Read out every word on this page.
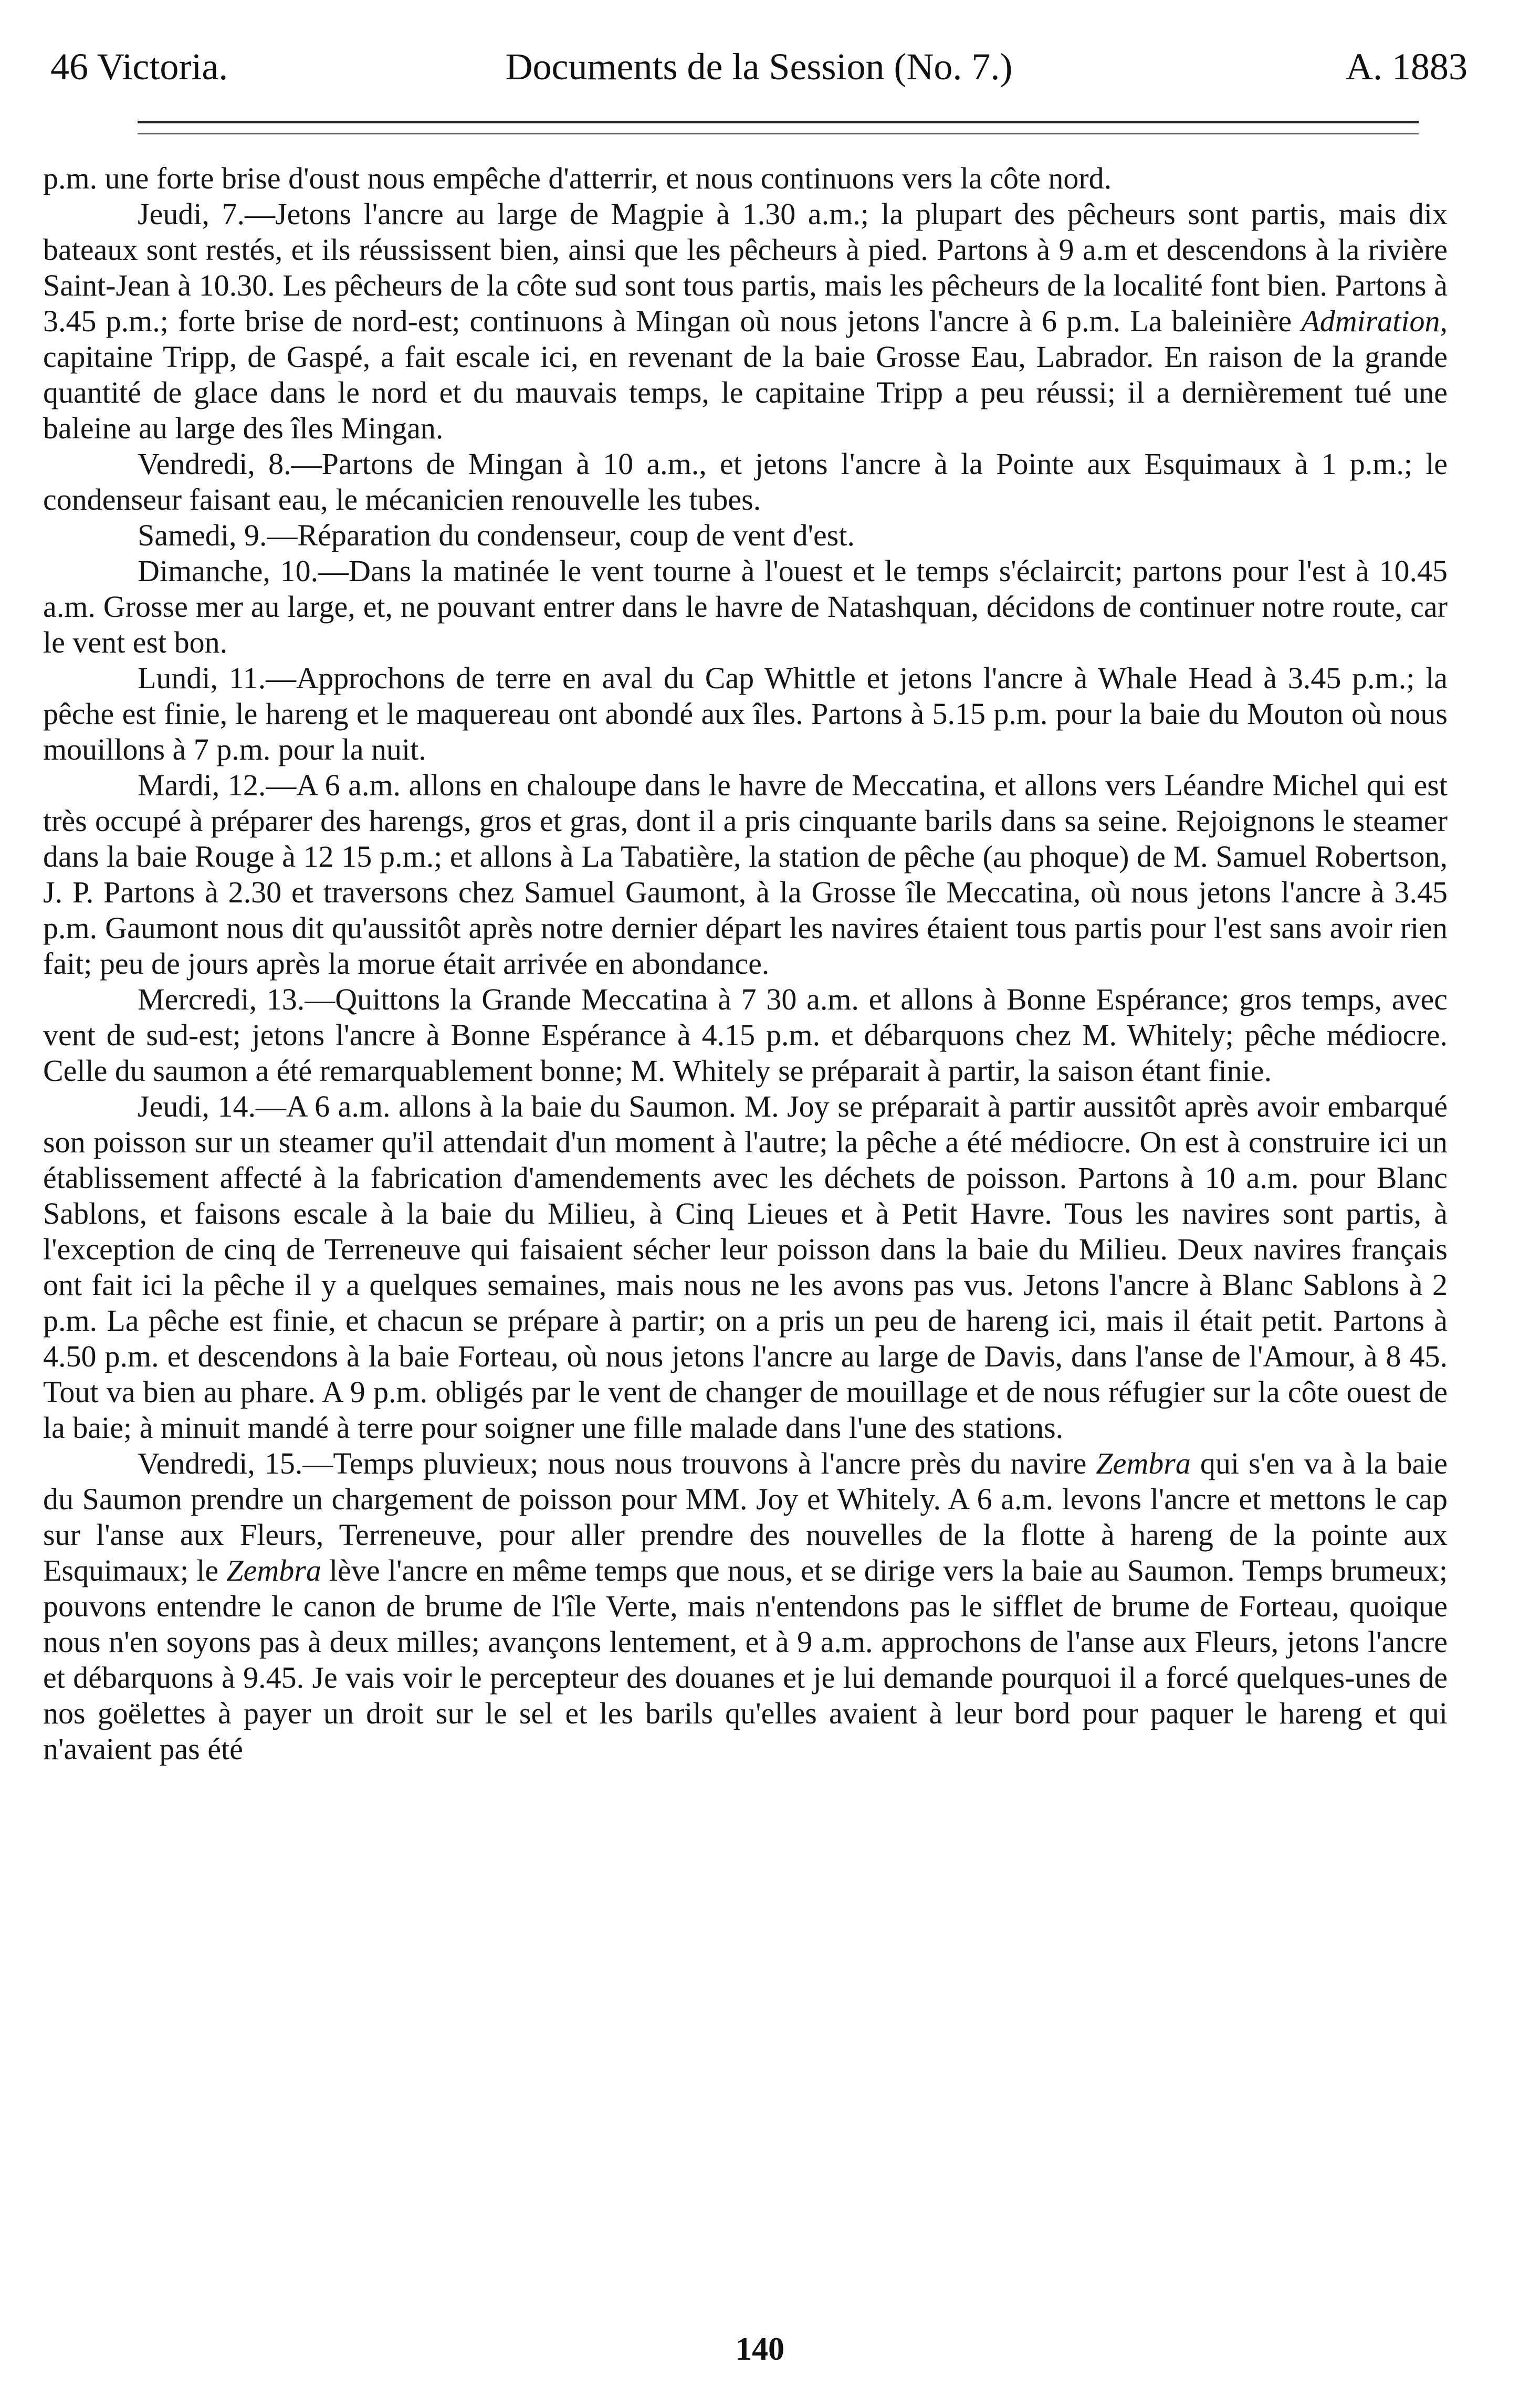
46 Victoria.	Documents de la Session (No. 7.)	A. 1883

p.m. une forte brise d'oust nous empêche d'atterrir, et nous continuons vers la côte nord.

Jeudi, 7.—Jetons l'ancre au large de Magpie à 1.30 a.m.; la plupart des pêcheurs sont partis, mais dix bateaux sont restés, et ils réussissent bien, ainsi que les pêcheurs à pied. Partons à 9 a.m et descendons à la rivière Saint-Jean à 10.30. Les pêcheurs de la côte sud sont tous partis, mais les pêcheurs de la localité font bien. Partons à 3.45 p.m.; forte brise de nord-est; continuons à Mingan où nous jetons l'ancre à 6 p.m. La baleinière Admiration, capitaine Tripp, de Gaspé, a fait escale ici, en revenant de la baie Grosse Eau, Labrador. En raison de la grande quantité de glace dans le nord et du mauvais temps, le capitaine Tripp a peu réussi; il a dernièrement tué une baleine au large des îles Mingan.

Vendredi, 8.—Partons de Mingan à 10 a.m., et jetons l'ancre à la Pointe aux Esquimaux à 1 p.m.; le condenseur faisant eau, le mécanicien renouvelle les tubes.

Samedi, 9.—Réparation du condenseur, coup de vent d'est.

Dimanche, 10.—Dans la matinée le vent tourne à l'ouest et le temps s'éclaircit; partons pour l'est à 10.45 a.m. Grosse mer au large, et, ne pouvant entrer dans le havre de Natashquan, décidons de continuer notre route, car le vent est bon.

Lundi, 11.—Approchons de terre en aval du Cap Whittle et jetons l'ancre à Whale Head à 3.45 p.m.; la pêche est finie, le hareng et le maquereau ont abondé aux îles. Partons à 5.15 p.m. pour la baie du Mouton où nous mouillons à 7 p.m. pour la nuit.

Mardi, 12.—A 6 a.m. allons en chaloupe dans le havre de Meccatina, et allons vers Léandre Michel qui est très occupé à préparer des harengs, gros et gras, dont il a pris cinquante barils dans sa seine. Rejoignons le steamer dans la baie Rouge à 12 15 p.m.; et allons à La Tabatière, la station de pêche (au phoque) de M. Samuel Robertson, J. P. Partons à 2.30 et traversons chez Samuel Gaumont, à la Grosse île Meccatina, où nous jetons l'ancre à 3.45 p.m. Gaumont nous dit qu'aussitôt après notre dernier départ les navires étaient tous partis pour l'est sans avoir rien fait; peu de jours après la morue était arrivée en abondance.

Mercredi, 13.—Quittons la Grande Meccatina à 7 30 a.m. et allons à Bonne Espérance; gros temps, avec vent de sud-est; jetons l'ancre à Bonne Espérance à 4.15 p.m. et débarquons chez M. Whitely; pêche médiocre. Celle du saumon a été remarquablement bonne; M. Whitely se préparait à partir, la saison étant finie.

Jeudi, 14.—A 6 a.m. allons à la baie du Saumon. M. Joy se préparait à partir aussitôt après avoir embarqué son poisson sur un steamer qu'il attendait d'un moment à l'autre; la pêche a été médiocre. On est à construire ici un établissement affecté à la fabrication d'amendements avec les déchets de poisson. Partons à 10 a.m. pour Blanc Sablons, et faisons escale à la baie du Milieu, à Cinq Lieues et à Petit Havre. Tous les navires sont partis, à l'exception de cinq de Terreneuve qui faisaient sécher leur poisson dans la baie du Milieu. Deux navires français ont fait ici la pêche il y a quelques semaines, mais nous ne les avons pas vus. Jetons l'ancre à Blanc Sablons à 2 p.m. La pêche est finie, et chacun se prépare à partir; on a pris un peu de hareng ici, mais il était petit. Partons à 4.50 p.m. et descendons à la baie Forteau, où nous jetons l'ancre au large de Davis, dans l'anse de l'Amour, à 8 45. Tout va bien au phare. A 9 p.m. obligés par le vent de changer de mouillage et de nous réfugier sur la côte ouest de la baie; à minuit mandé à terre pour soigner une fille malade dans l'une des stations.

Vendredi, 15.—Temps pluvieux; nous nous trouvons à l'ancre près du navire Zembra qui s'en va à la baie du Saumon prendre un chargement de poisson pour MM. Joy et Whitely. A 6 a.m. levons l'ancre et mettons le cap sur l'anse aux Fleurs, Terreneuve, pour aller prendre des nouvelles de la flotte à hareng de la pointe aux Esquimaux; le Zembra lève l'ancre en même temps que nous, et se dirige vers la baie au Saumon. Temps brumeux; pouvons entendre le canon de brume de l'île Verte, mais n'entendons pas le sifflet de brume de Forteau, quoique nous n'en soyons pas à deux milles; avançons lentement, et à 9 a.m. approchons de l'anse aux Fleurs, jetons l'ancre et débarquons à 9.45. Je vais voir le percepteur des douanes et je lui demande pourquoi il a forcé quelques-unes de nos goëlettes à payer un droit sur le sel et les barils qu'elles avaient à leur bord pour paquer le hareng et qui n'avaient pas été

140
